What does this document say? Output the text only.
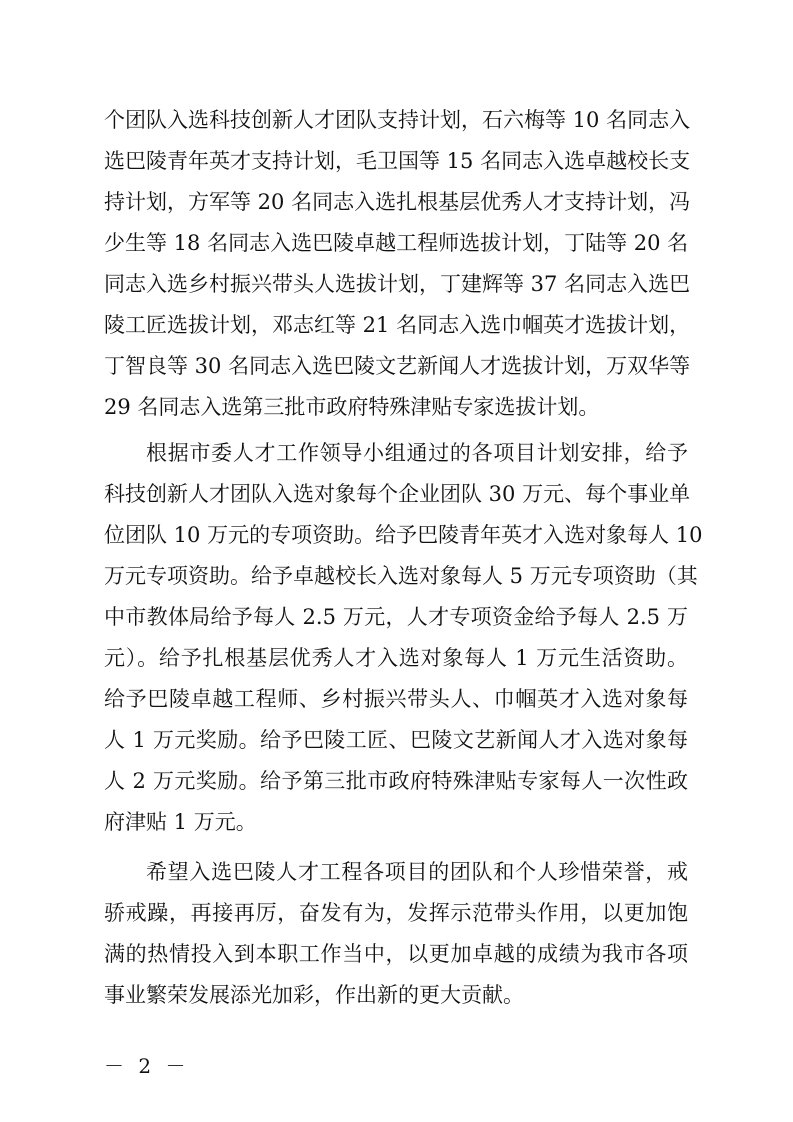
个团队入选科技创新人才团队支持计划，石六梅等 10 名同志入
选巴陵青年英才支持计划，毛卫国等 15 名同志入选卓越校长支
持计划，方军等 20 名同志入选扎根基层优秀人才支持计划，冯
少生等 18 名同志入选巴陵卓越工程师选拔计划，丁陆等 20 名
同志入选乡村振兴带头人选拔计划，丁建辉等 37 名同志入选巴
陵工匠选拔计划，邓志红等 21 名同志入选巾帼英才选拔计划，
丁智良等 30 名同志入选巴陵文艺新闻人才选拔计划，万双华等
29 名同志入选第三批市政府特殊津贴专家选拔计划。
根据市委人才工作领导小组通过的各项目计划安排，给予
科技创新人才团队入选对象每个企业团队 30 万元、每个事业单
位团队 10 万元的专项资助。给予巴陵青年英才入选对象每人 10
万元专项资助。给予卓越校长入选对象每人 5 万元专项资助（其
中市教体局给予每人 2.5 万元，人才专项资金给予每人 2.5 万
元）。给予扎根基层优秀人才入选对象每人 1 万元生活资助。
给予巴陵卓越工程师、乡村振兴带头人、巾帼英才入选对象每
人 1 万元奖励。给予巴陵工匠、巴陵文艺新闻人才入选对象每
人 2 万元奖励。给予第三批市政府特殊津贴专家每人一次性政
府津贴 1 万元。
希望入选巴陵人才工程各项目的团队和个人珍惜荣誉，戒
骄戒躁，再接再厉，奋发有为，发挥示范带头作用，以更加饱
满的热情投入到本职工作当中，以更加卓越的成绩为我市各项
事业繁荣发展添光加彩，作出新的更大贡献。
－ 2 －
